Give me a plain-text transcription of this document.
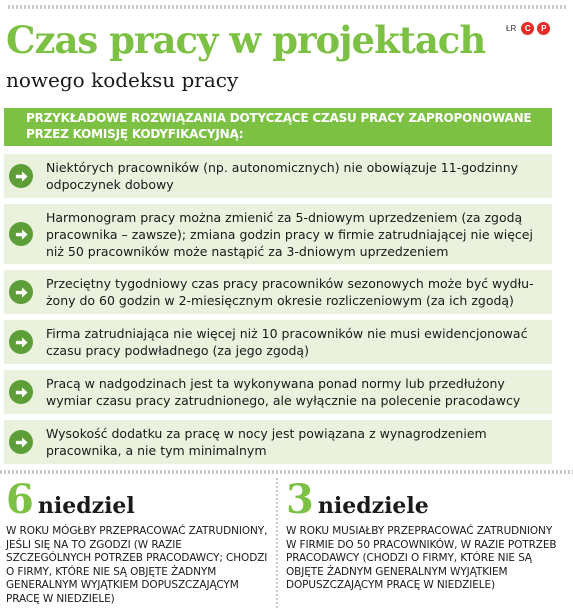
ŁR	C	P
Czas pracy w projektach
nowego kodeksu pracy
PRZYKŁADOWE ROZWIĄZANIA DOTYCZĄCE CZASU PRACY ZAPROPONOWANE PRZEZ KOMISJĘ KODYFIKACYJNĄ:
Niektórych pracowników (np. autonomicznych) nie obowiązuje 11-godzinny odpoczynek dobowy
Harmonogram pracy można zmienić za 5-dniowym uprzedzeniem (za zgodą pracownika – zawsze); zmiana godzin pracy w firmie zatrudniającej nie więcej niż 50 pracowników może nastąpić za 3-dniowym uprzedzeniem
Przeciętny tygodniowy czas pracy pracowników sezonowych może być wydłu-żony do 60 godzin w 2-miesięcznym okresie rozliczeniowym (za ich zgodą)
Firma zatrudniająca nie więcej niż 10 pracowników nie musi ewidencjonować czasu pracy podwładnego (za jego zgodą)
Pracą w nadgodzinach jest ta wykonywana ponad normy lub przedłużony wymiar czasu pracy zatrudnionego, ale wyłącznie na polecenie pracodawcy
Wysokość dodatku za pracę w nocy jest powiązana z wynagrodzeniem pracownika, a nie tym minimalnym
6 niedziel
W ROKU MÓGŁBY PRZEPRACOWAĆ ZATRUDNIONY, JEŚLI SIĘ NA TO ZGODZI (W RAZIE SZCZEGÓLNYCH POTRZEB PRACODAWCY; CHODZI O FIRMY, KTÓRE NIE SĄ OBJĘTE ŻADNYM GENERALNYM WYJĄTKIEM DOPUSZCZAJĄCYM PRACĘ W NIEDZIELE)
3 niedziele
W ROKU MUSIAŁBY PRZEPRACOWAĆ ZATRUDNIONY W FIRMIE DO 50 PRACOWNIKÓW, W RAZIE POTRZEB PRACODAWCY (CHODZI O FIRMY, KTÓRE NIE SĄ OBJĘTE ŻADNYM GENERALNYM WYJĄTKIEM DOPUSZCZAJĄCYM PRACĘ W NIEDZIELE)
